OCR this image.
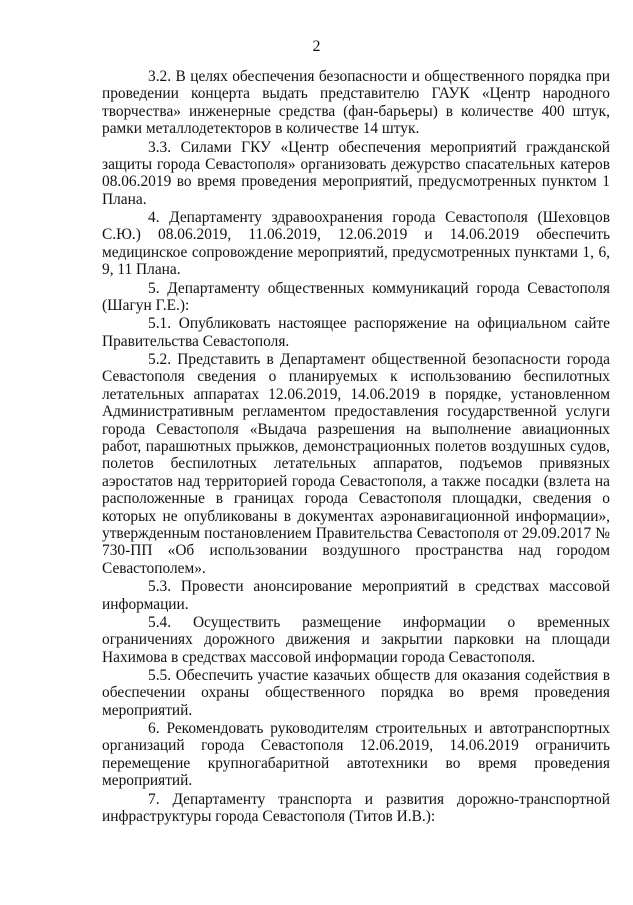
2

3.2. В целях обеспечения безопасности и общественного порядка при проведении концерта выдать представителю ГАУК «Центр народного творчества» инженерные средства (фан-барьеры) в количестве 400 штук, рамки металлодетекторов в количестве 14 штук.

3.3. Силами ГКУ «Центр обеспечения мероприятий гражданской защиты города Севастополя» организовать дежурство спасательных катеров 08.06.2019 во время проведения мероприятий, предусмотренных пунктом 1 Плана.

4. Департаменту здравоохранения города Севастополя (Шеховцов С.Ю.) 08.06.2019, 11.06.2019, 12.06.2019 и 14.06.2019 обеспечить медицинское сопровождение мероприятий, предусмотренных пунктами 1, 6, 9, 11 Плана.

5. Департаменту общественных коммуникаций города Севастополя (Шагун Г.Е.):

5.1. Опубликовать настоящее распоряжение на официальном сайте Правительства Севастополя.

5.2. Представить в Департамент общественной безопасности города Севастополя сведения о планируемых к использованию беспилотных летательных аппаратах 12.06.2019, 14.06.2019 в порядке, установленном Административным регламентом предоставления государственной услуги города Севастополя «Выдача разрешения на выполнение авиационных работ, парашютных прыжков, демонстрационных полетов воздушных судов, полетов беспилотных летательных аппаратов, подъемов привязных аэростатов над территорией города Севастополя, а также посадки (взлета на расположенные в границах города Севастополя площадки, сведения о которых не опубликованы в документах аэронавигационной информации», утвержденным постановлением Правительства Севастополя от 29.09.2017 № 730-ПП «Об использовании воздушного пространства над городом Севастополем».

5.3. Провести анонсирование мероприятий в средствах массовой информации.

5.4. Осуществить размещение информации о временных ограничениях дорожного движения и закрытии парковки на площади Нахимова в средствах массовой информации города Севастополя.

5.5. Обеспечить участие казачьих обществ для оказания содействия в обеспечении охраны общественного порядка во время проведения мероприятий.

6. Рекомендовать руководителям строительных и автотранспортных организаций города Севастополя 12.06.2019, 14.06.2019 ограничить перемещение крупногабаритной автотехники во время проведения мероприятий.

7. Департаменту транспорта и развития дорожно-транспортной инфраструктуры города Севастополя (Титов И.В.):
